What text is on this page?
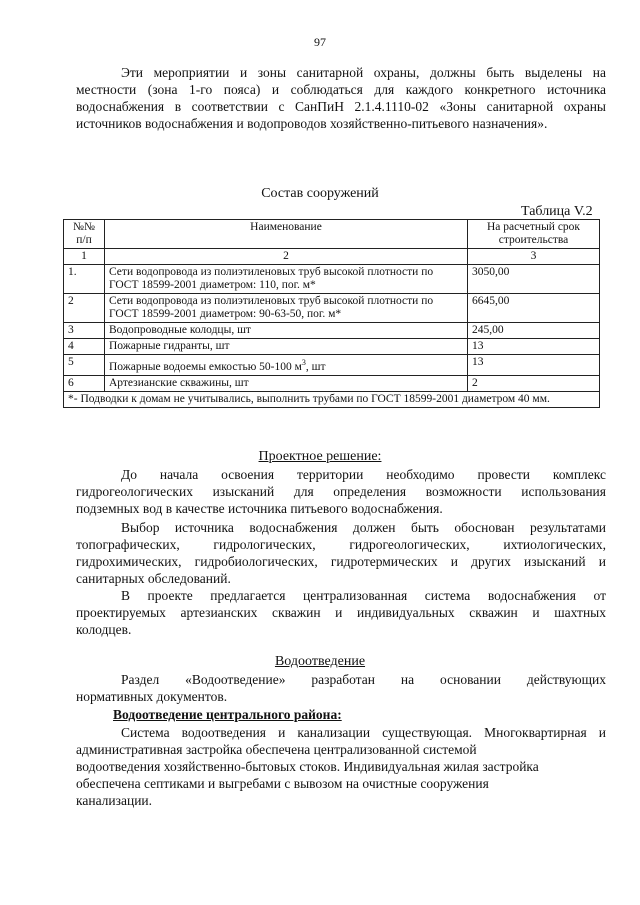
97
Эти мероприятии и зоны санитарной охраны, должны быть выделены на
местности (зона 1-го пояса) и соблюдаться для каждого конкретного источника
водоснабжения в соответствии с СанПиН 2.1.4.1110-02 «Зоны санитарной охраны
источников водоснабжения и водопроводов хозяйственно-питьевого назначения».
Состав сооружений
Таблица V.2
№№ п/п	Наименование	На расчетный срок строительства
1	2	3
1.	Сети водопровода из полиэтиленовых труб высокой плотности по ГОСТ 18599-2001 диаметром: 110, пог. м*	3050,00
2	Сети водопровода из полиэтиленовых труб высокой плотности по ГОСТ 18599-2001 диаметром: 90-63-50, пог. м*	6645,00
3	Водопроводные колодцы, шт	245,00
4	Пожарные гидранты, шт	13
5	Пожарные водоемы емкостью 50-100 $м^3$, шт	13
6	Артезианские скважины, шт	2
*- Подводки к домам не учитывались, выполнить трубами по ГОСТ 18599-2001 диаметром 40 мм.		
Проектное решение:
До начала освоения территории необходимо провести комплекс
гидрогеологических изысканий для определения возможности использования
подземных вод в качестве источника питьевого водоснабжения.
Выбор источника водоснабжения должен быть обоснован результатами
топографических, гидрологических, гидрогеологических, ихтиологических,
гидрохимических, гидробиологических, гидротермических и других изысканий и
санитарных обследований.
В проекте предлагается централизованная система водоснабжения от
проектируемых артезианских скважин и индивидуальных скважин и шахтных
колодцев.
Водоотведение
Раздел «Водоотведение» разработан на основании действующих
нормативных документов.
Водоотведение центрального района:
Система водоотведения и канализации существующая. Многоквартирная и
административная застройка обеспечена централизованной системой
водоотведения хозяйственно-бытовых стоков. Индивидуальная жилая застройка
обеспечена септиками и выгребами с вывозом на очистные сооружения
канализации.
